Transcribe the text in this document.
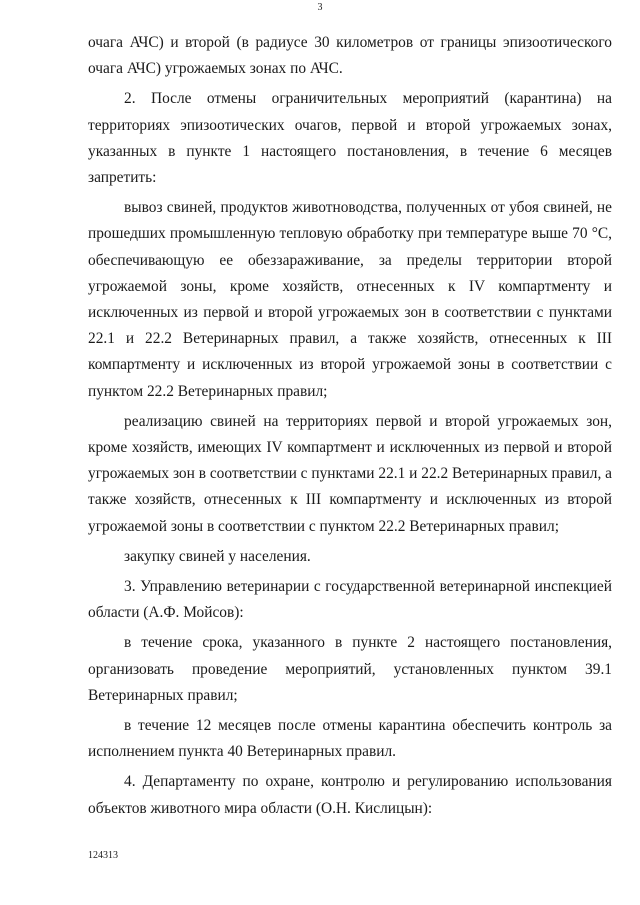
3

очага АЧС) и второй (в радиусе 30 километров от границы эпизоотического очага АЧС) угрожаемых зонах по АЧС.

2. После отмены ограничительных мероприятий (карантина) на территориях эпизоотических очагов, первой и второй угрожаемых зонах, указанных в пункте 1 настоящего постановления, в течение 6 месяцев запретить:

вывоз свиней, продуктов животноводства, полученных от убоя свиней, не прошедших промышленную тепловую обработку при температуре выше 70 °С, обеспечивающую ее обеззараживание, за пределы территории второй угрожаемой зоны, кроме хозяйств, отнесенных к IV компартменту и исключенных из первой и второй угрожаемых зон в соответствии с пунктами 22.1 и 22.2 Ветеринарных правил, а также хозяйств, отнесенных к III компартменту и исключенных из второй угрожаемой зоны в соответствии с пунктом 22.2 Ветеринарных правил;

реализацию свиней на территориях первой и второй угрожаемых зон, кроме хозяйств, имеющих IV компартмент и исключенных из первой и второй угрожаемых зон в соответствии с пунктами 22.1 и 22.2 Ветеринарных правил, а также хозяйств, отнесенных к III компартменту и исключенных из второй угрожаемой зоны в соответствии с пунктом 22.2 Ветеринарных правил;

закупку свиней у населения.

3. Управлению ветеринарии с государственной ветеринарной инспекцией области (А.Ф. Мойсов):

в течение срока, указанного в пункте 2 настоящего постановления, организовать проведение мероприятий, установленных пунктом 39.1 Ветеринарных правил;

в течение 12 месяцев после отмены карантина обеспечить контроль за исполнением пункта 40 Ветеринарных правил.

4. Департаменту по охране, контролю и регулированию использования объектов животного мира области (О.Н. Кислицын):

124313
